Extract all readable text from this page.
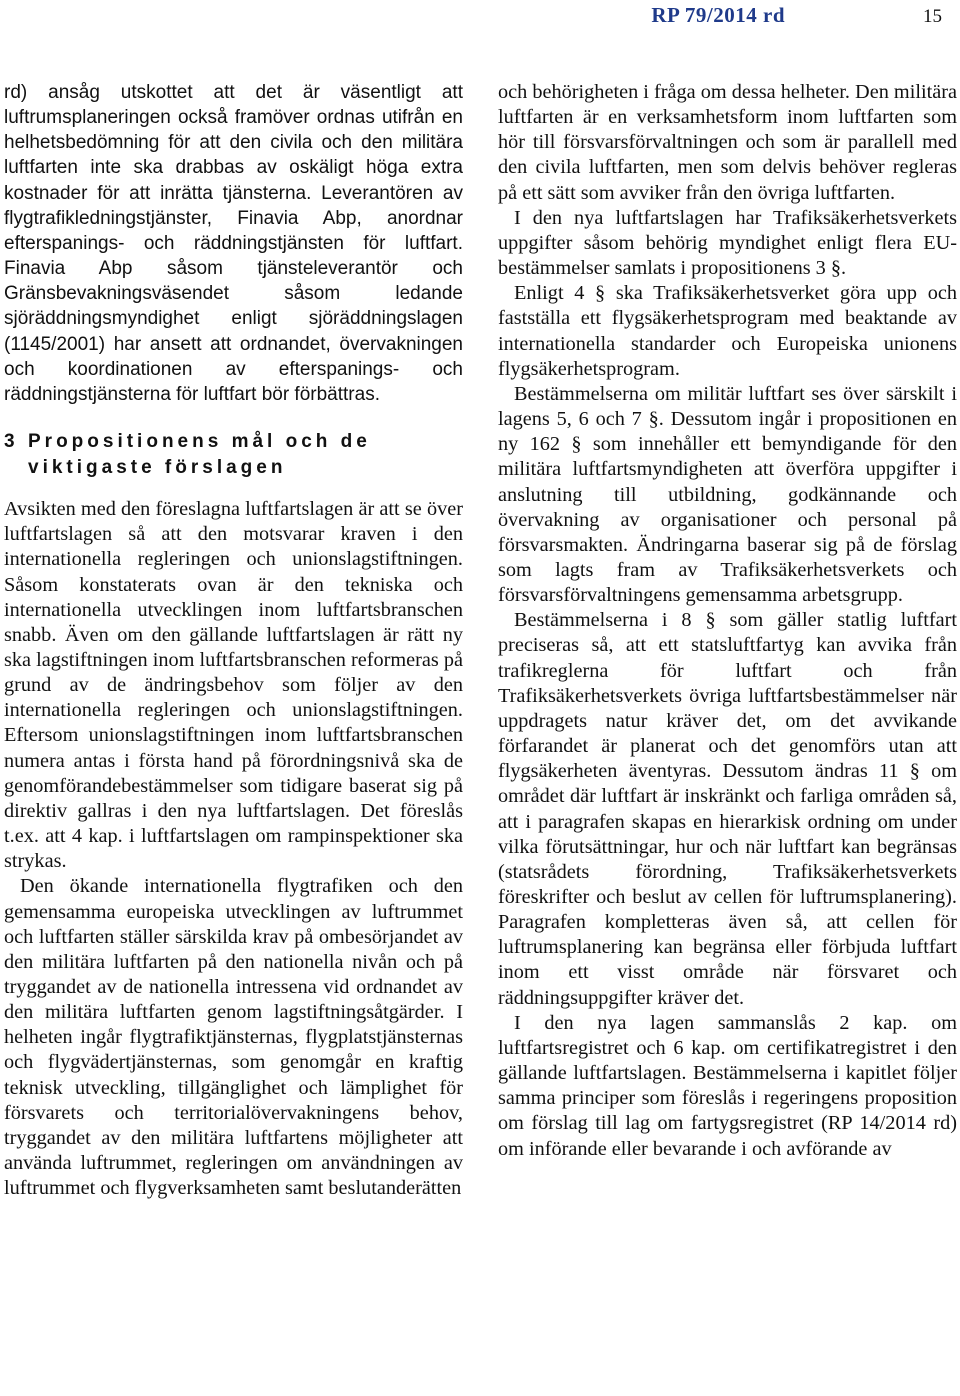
RP 79/2014 rd	15

rd) ansåg utskottet att det är väsentligt att luftrumsplaneringen också framöver ordnas utifrån en helhetsbedömning för att den civila och den militära luftfarten inte ska drabbas av oskäligt höga extra kostnader för att inrätta tjänsterna. Leverantören av flygtrafikledningstjänster, Finavia Abp, anordnar efterspanings- och räddningstjänsten för luftfart. Finavia Abp såsom tjänsteleverantör och Gränsbevakningsväsendet såsom ledande sjöräddningsmyndighet enligt sjöräddningslagen (1145/2001) har ansett att ordnandet, övervakningen och koordinationen av efterspanings- och räddningstjänsterna för luftfart bör förbättras.

3 Propositionens mål och de viktigaste förslagen

Avsikten med den föreslagna luftfartslagen är att se över luftfartslagen så att den motsvarar kraven i den internationella regleringen och unionslagstiftningen. Såsom konstaterats ovan är den tekniska och internationella utvecklingen inom luftfartsbranschen snabb. Även om den gällande luftfartslagen är rätt ny ska lagstiftningen inom luftfartsbranschen reformeras på grund av de ändringsbehov som följer av den internationella regleringen och unionslagstiftningen. Eftersom unionslagstiftningen inom luftfartsbranschen numera antas i första hand på förordningsnivå ska de genomförandebestämmelser som tidigare baserat sig på direktiv gallras i den nya luftfartslagen. Det föreslås t.ex. att 4 kap. i luftfartslagen om rampinspektioner ska strykas.

Den ökande internationella flygtrafiken och den gemensamma europeiska utvecklingen av luftrummet och luftfarten ställer särskilda krav på ombesörjandet av den militära luftfarten på den nationella nivån och på tryggandet av de nationella intressena vid ordnandet av den militära luftfarten genom lagstiftningsåtgärder. I helheten ingår flygtrafiktjänsternas, flygplatstjänsternas och flygvädertjänsternas, som genomgår en kraftig teknisk utveckling, tillgänglighet och lämplighet för försvarets och territorialövervakningens behov, tryggandet av den militära luftfartens möjligheter att använda luftrummet, regleringen om användningen av luftrummet och flygverksamheten samt beslutanderätten

och behörigheten i fråga om dessa helheter. Den militära luftfarten är en verksamhetsform inom luftfarten som hör till försvarsförvaltningen och som är parallell med den civila luftfarten, men som delvis behöver regleras på ett sätt som avviker från den övriga luftfarten.

I den nya luftfartslagen har Trafiksäkerhetsverkets uppgifter såsom behörig myndighet enligt flera EU-bestämmelser samlats i propositionens 3 §.

Enligt 4 § ska Trafiksäkerhetsverket göra upp och fastställa ett flygsäkerhetsprogram med beaktande av internationella standarder och Europeiska unionens flygsäkerhetsprogram.

Bestämmelserna om militär luftfart ses över särskilt i lagens 5, 6 och 7 §. Dessutom ingår i propositionen en ny 162 § som innehåller ett bemyndigande för den militära luftfartsmyndigheten att överföra uppgifter i anslutning till utbildning, godkännande och övervakning av organisationer och personal på försvarsmakten. Ändringarna baserar sig på de förslag som lagts fram av Trafiksäkerhetsverkets och försvarsförvaltningens gemensamma arbetsgrupp.

Bestämmelserna i 8 § som gäller statlig luftfart preciseras så, att ett statsluftfartyg kan avvika från trafikreglerna för luftfart och från Trafiksäkerhetsverkets övriga luftfartsbestämmelser när uppdragets natur kräver det, om det avvikande förfarandet är planerat och det genomförs utan att flygsäkerheten äventyras. Dessutom ändras 11 § om området där luftfart är inskränkt och farliga områden så, att i paragrafen skapas en hierarkisk ordning om under vilka förutsättningar, hur och när luftfart kan begränsas (statsrådets förordning, Trafiksäkerhetsverkets föreskrifter och beslut av cellen för luftrumsplanering). Paragrafen kompletteras även så, att cellen för luftrumsplanering kan begränsa eller förbjuda luftfart inom ett visst område när försvaret och räddningsuppgifter kräver det.

I den nya lagen sammanslås 2 kap. om luftfartsregistret och 6 kap. om certifikatregistret i den gällande luftfartslagen. Bestämmelserna i kapitlet följer samma principer som föreslås i regeringens proposition om förslag till lag om fartygsregistret (RP 14/2014 rd) om införande eller bevarande i och avförande av
